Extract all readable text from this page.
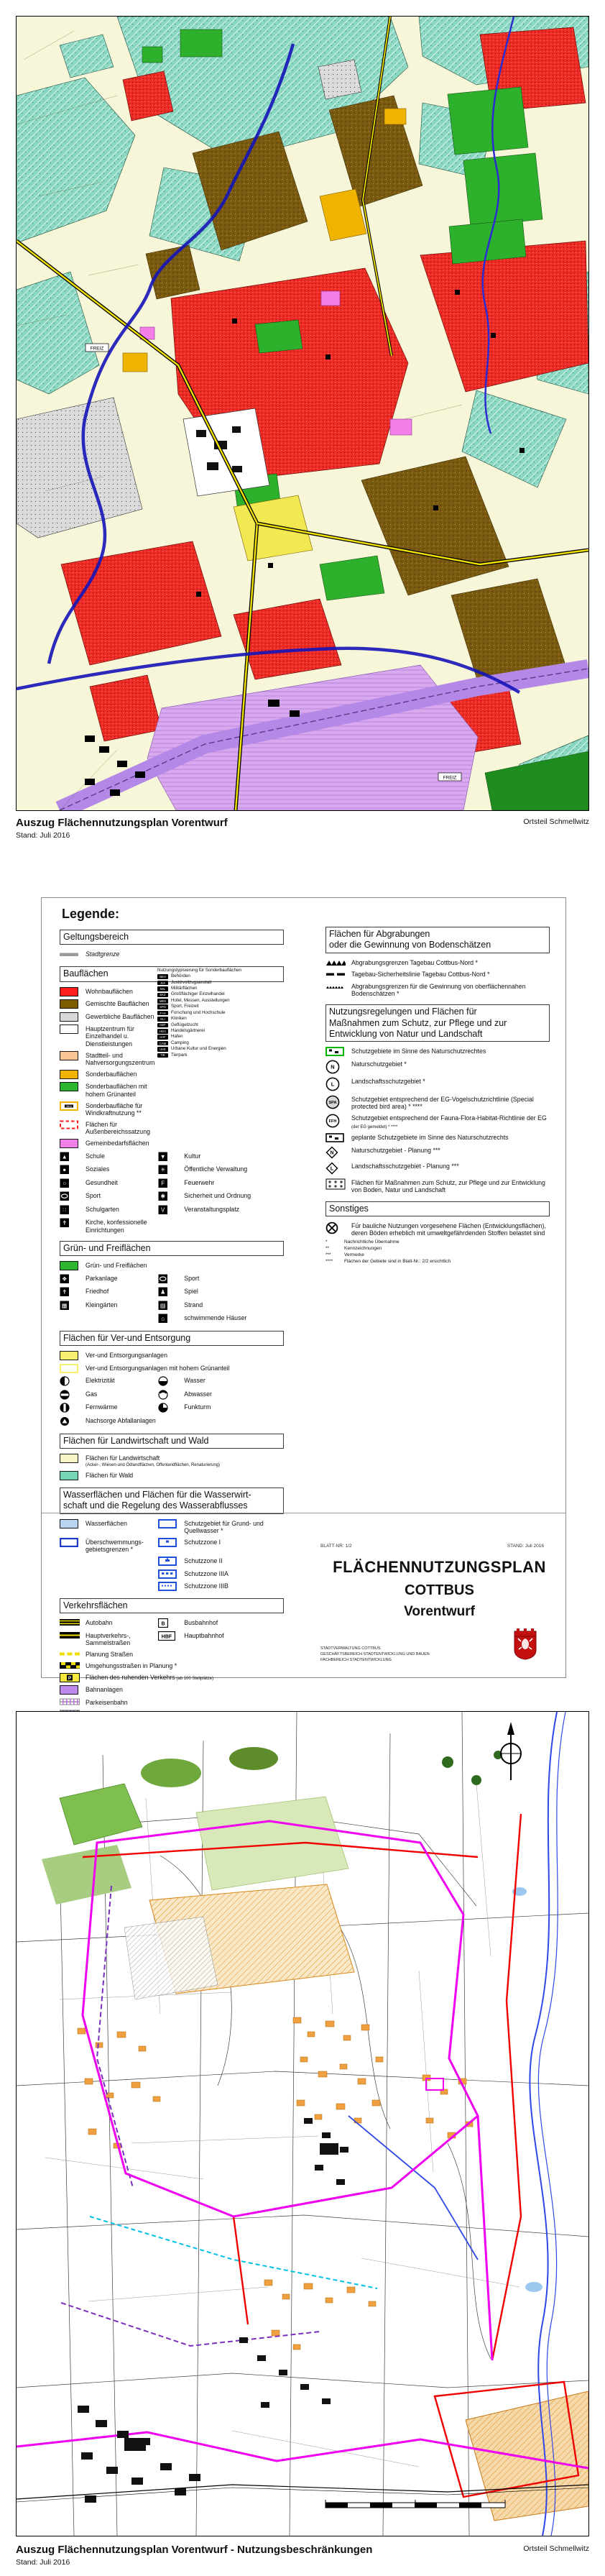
FREIZ
FREIZ
Auszug Flächennutzungsplan Vorentwurf	Ortsteil Schmellwitz
Stand: Juli 2016
Legende:
Geltungsbereich
Stadtgrenze
Bauflächen
Wohnbauflächen
Gemischte Bauflächen
Gewerbliche Bauflächen
Hauptzentrum für Einzelhandel u. Dienstleistungen
Stadtteil- und Nahversorgungszentrum
Sonderbauflächen
Sonderbauflächen mit hohem Grünanteil
WKA Sonderbaufläche für Windkraftnutzung **
Flächen für Außenbereichssatzung
Gemeinbedarfsflächen
▲	Schule	▼	Kultur
●	Soziales	✳	Öffentliche Verwaltung
○	Gesundheit	F	Feuerwehr
Sport	✱	Sicherheit und Ordnung
∷	Schulgarten	V	Veranstaltungsplatz
✝	Kirche, konfessionelle Einrichtungen
Nutzungstypisierung für Sonderbauflächen
BEH	Behörden
JVA	Justizvollzugsanstalt
MIL	Militärflächen
EKZ	Großflächiger Einzelhandel
MES	Hotel, Messen, Ausstellungen
SPO	Sport, Freizeit
F+H	Forschung und Hochschule
KLI	Kliniken
GEF	Geflügelzucht
HGA	Handelsgärtnerei
HAF	Hafen
CAM	Camping
UKE	Urbane Kultur und Energien
TIE	Tierpark
Grün- und Freiflächen
Grün- und Freiflächen
❖	Parkanlage	Sport
✝	Friedhof	♟	Spiel
▦	Kleingärten	▨	Strand
⌂	schwimmende Häuser
Flächen für Ver-und Entsorgung
Ver-und Entsorgungsanlagen
Ver-und Entsorgungsanlagen mit hohem Grünanteil
Elektrizität	Wasser
Gas	Abwasser
Fernwärme	Funkturm
Nachsorge Abfallanlagen
Flächen für Landwirtschaft und Wald
Flächen für Landwirtschaft
(Acker-, Wiesen-und Ödlandflächen, Offenlandflächen, Renaturierung)
Flächen für Wald
Wasserflächen und Flächen für die Wasserwirt-
schaft und die Regelung des Wasserabflusses
Wasserflächen	Schutzgebiet für Grund- und Quellwasser *
Überschwemmungs- gebietsgrenzen *
Schutzzone I
Schutzzone II
Schutzzone IIIA
Schutzzone IIIB
Verkehrsflächen
Autobahn	B	Busbahnhof
Hauptverkehrs-, Sammelstraßen
HBF Hauptbahnhof
Planung Straßen
Umgehungsstraßen in Planung *
P Flächen des ruhenden Verkehrs (ab 100 Stellplätze)
Bahnanlagen
Parkeisenbahn
Flächen für Abgrabungen
oder die Gewinnung von Bodenschätzen
Abgrabungsgrenzen Tagebau Cottbus-Nord *
Tagebau-Sicherheitslinie Tagebau Cottbus-Nord *
Abgrabungsgrenzen für die Gewinnung von oberflächennahen Bodenschätzen *
Nutzungsregelungen und Flächen für
Maßnahmen zum Schutz, zur Pflege und zur
Entwicklung von Natur und Landschaft
Schutzgebiete im Sinne des Naturschutzrechtes
N	Naturschutzgebiet *
L	Landschaftsschutzgebiet *
SPA Schutzgebiet entsprechend der EG-Vogelschutzrichtlinie (Special protected bird area) * ****
FFH Schutzgebiet entsprechend der Fauna-Flora-Habitat-Richtlinie der EG (der EG gemeldet) * ****
geplante Schutzgebiete im Sinne des Naturschutzrechts
N	Naturschutzgebiet - Planung ***
L	Landschaftsschutzgebiet - Planung ***
Flächen für Maßnahmen zum Schutz, zur Pflege und zur Entwicklung von Boden, Natur und Landschaft
Sonstiges
Für bauliche Nutzungen vorgesehene Flächen (Entwicklungsflächen), deren Böden erheblich mit umweltgefährdenden Stoffen belastet sind
*	Nachrichtliche Übernahme
**	Kennzeichnungen
***	Vermerke
****	Flächen der Gebiete sind in Blatt-Nr.: 2/2 ersichtlich
BLATT-NR: 1/2	STAND: Juli 2016
FLÄCHENNUTZUNGSPLAN
COTTBUS
Vorentwurf
STADTVERWALTUNG COTTBUS
GESCHÄFTSBEREICH STADTENTWICKLUNG UND BAUEN
FACHBEREICH STADTENTWICKLUNG
Auszug Flächennutzungsplan Vorentwurf - Nutzungsbeschränkungen	Ortsteil Schmellwitz
Stand: Juli 2016
